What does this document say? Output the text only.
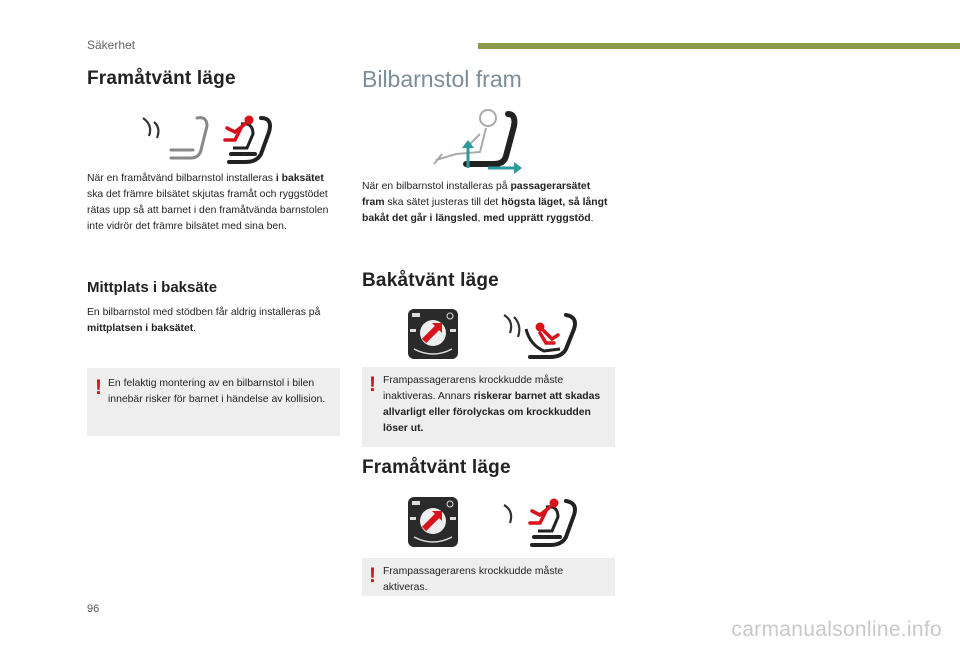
Säkerhet
Framåtvänt läge

När en framåtvänd bilbarnstol installeras i baksätet ska det främre bilsätet skjutas framåt och ryggstödet rätas upp så att barnet i den framåtvända barnstolen inte vidrör det främre bilsätet med sina ben.

Mittplats i baksäte

En bilbarnstol med stödben får aldrig installeras på mittplatsen i baksätet.

! En felaktig montering av en bilbarnstol i bilen innebär risker för barnet i händelse av kollision.

Bilbarnstol fram

När en bilbarnstol installeras på passagerarsätet fram ska sätet justeras till det högsta läget, så långt bakåt det går i längsled, med upprätt ryggstöd.

Bakåtvänt läge
! Frampassagerarens krockkudde måste inaktiveras. Annars riskerar barnet att skadas allvarligt eller förolyckas om krockkudden löser ut.

Framåtvänt läge
! Frampassagerarens krockkudde måste aktiveras.

96
carmanualsonline.info
